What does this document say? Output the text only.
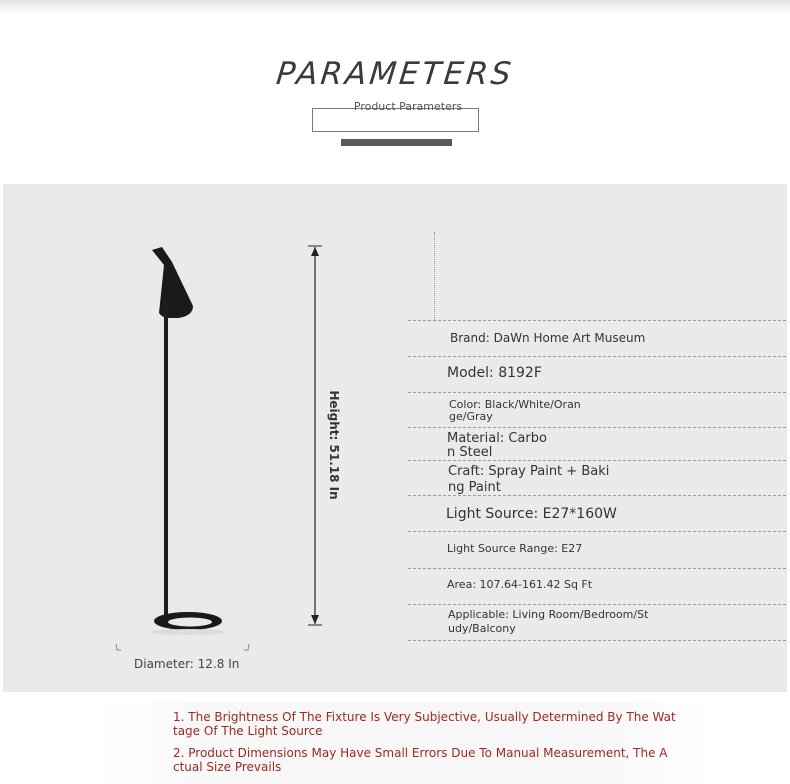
PARAMETERS
Product Parameters
Height: 51.18 In
Diameter: 12.8 In
Brand: DaWn Home Art Museum
Model: 8192F
Color: Black/White/Oran
ge/Gray
Material: Carbo
n Steel
Craft: Spray Paint + Baki
ng Paint
Light Source: E27*160W
Light Source Range: E27
Area: 107.64-161.42 Sq Ft
Applicable: Living Room/Bedroom/St
udy/Balcony
1. The Brightness Of The Fixture Is Very Subjective, Usually Determined By The Wat
tage Of The Light Source
2. Product Dimensions May Have Small Errors Due To Manual Measurement, The A
ctual Size Prevails
